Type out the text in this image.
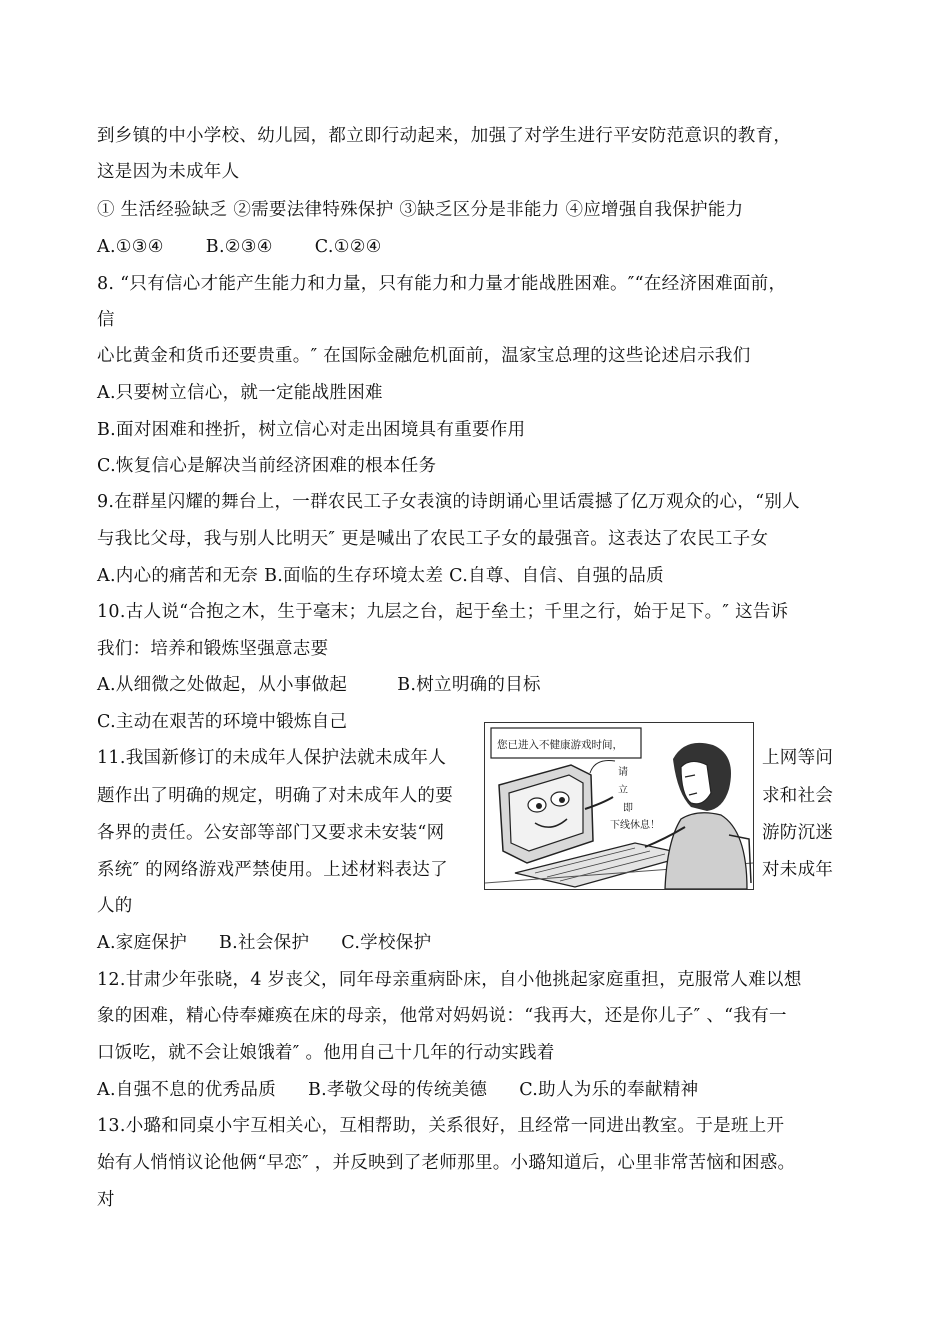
到乡镇的中小学校、幼儿园，都立即行动起来，加强了对学生进行平安防范意识的教育，
这是因为未成年人
① 生活经验缺乏 ②需要法律特殊保护 ③缺乏区分是非能力 ④应增强自我保护能力
A.①③④ B.②③④ C.①②④
8. “只有信心才能产生能力和力量，只有能力和力量才能战胜困难。″“在经济困难面前，
信
心比黄金和货币还要贵重。″ 在国际金融危机面前，温家宝总理的这些论述启示我们
A.只要树立信心，就一定能战胜困难
B.面对困难和挫折，树立信心对走出困境具有重要作用
C.恢复信心是解决当前经济困难的根本任务
9.在群星闪耀的舞台上，一群农民工子女表演的诗朗诵心里话震撼了亿万观众的心，“别人
与我比父母，我与别人比明天″ 更是喊出了农民工子女的最强音。这表达了农民工子女
A.内心的痛苦和无奈 B.面临的生存环境太差 C.自尊、自信、自强的品质
10.古人说“合抱之木，生于毫末；九层之台，起于垒土；千里之行，始于足下。″ 这告诉
我们：培养和锻炼坚强意志要
A.从细微之处做起，从小事做起	B.树立明确的目标
C.主动在艰苦的环境中锻炼自己
11.我国新修订的未成年人保护法就未成年人	上网等问
题作出了明确的规定，明确了对未成年人的要	求和社会
各界的责任。公安部等部门又要求未安装“网	游防沉迷
系统″ 的网络游戏严禁使用。上述材料表达了	对未成年
人的
A.家庭保护 B.社会保护 C.学校保护
12.甘肃少年张晓，4 岁丧父，同年母亲重病卧床，自小他挑起家庭重担，克服常人难以想
象的困难，精心侍奉瘫痪在床的母亲，他常对妈妈说：“我再大，还是你儿子″ 、“我有一
口饭吃，就不会让娘饿着″ 。他用自己十几年的行动实践着
A.自强不息的优秀品质 B.孝敬父母的传统美德 C.助人为乐的奉献精神
13.小璐和同桌小宇互相关心，互相帮助，关系很好，且经常一同进出教室。于是班上开
始有人悄悄议论他俩“早恋″ ，并反映到了老师那里。小璐知道后，心里非常苦恼和困惑。
对
您已进入不健康游戏时间，
请
立
即
下线休息！
